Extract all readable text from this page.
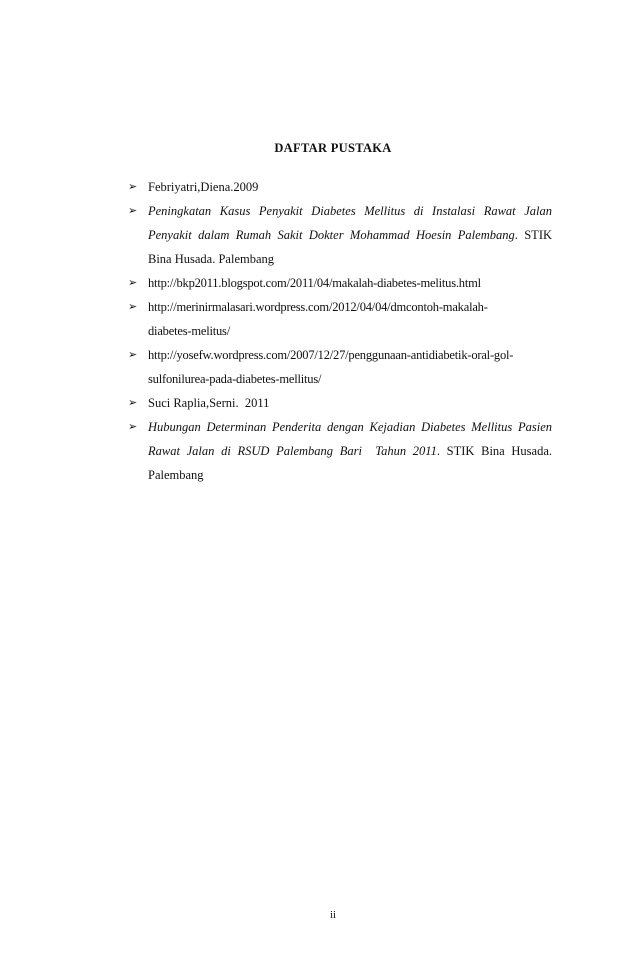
DAFTAR PUSTAKA
➢ Febriyatri,Diena.2009
➢ Peningkatan Kasus Penyakit Diabetes Mellitus di Instalasi Rawat Jalan
Penyakit dalam Rumah Sakit Dokter Mohammad Hoesin Palembang. STIK
Bina Husada. Palembang
➢ http://bkp2011.blogspot.com/2011/04/makalah-diabetes-melitus.html
➢ http://merinirmalasari.wordpress.com/2012/04/04/dmcontoh-makalah-
diabetes-melitus/
➢ http://yosefw.wordpress.com/2007/12/27/penggunaan-antidiabetik-oral-gol-
sulfonilurea-pada-diabetes-mellitus/
➢ Suci Raplia,Serni.  2011
➢ Hubungan Determinan Penderita dengan Kejadian Diabetes Mellitus Pasien
Rawat Jalan di RSUD Palembang Bari  Tahun 2011. STIK Bina Husada.
Palembang
ii
